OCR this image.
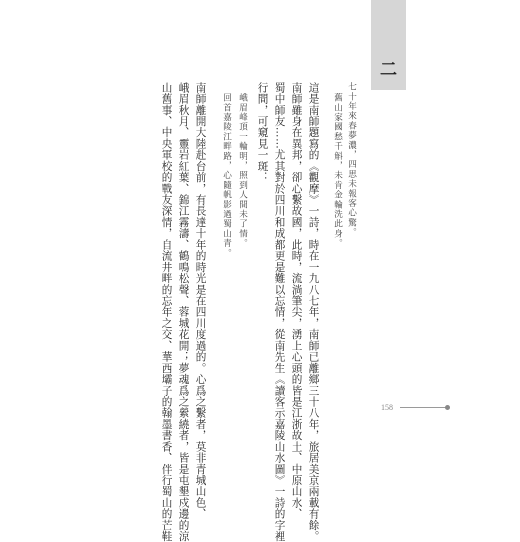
二
七十年來春夢濃，四思未報客心驚。
舊山家國愁千斛，未肯金輪洗此身。
這是南師題寫的《觀摩》一詩，時在一九八七年，南師已離鄉三十八年，旅居美京兩載有餘。
南師雖身在異邦，卻心繫故國，此時，流淌筆尖，湧上心頭的皆是江浙故土、中原山水、
蜀中師友……尤其對於四川和成都更是難以忘情，從南先生《讀客示嘉陵山水圖》一詩的字裡
行間，可窺見一斑：
峨眉峰頂一輪明，照到人間未了情。
回首嘉陵江畔路，心隨帆影過蜀山青。
南師離開大陸赴台前，有長達十年的時光是在四川度過的。心爲之繫者，莫非青城山色、
峨眉秋月、靈岩紅葉、錦江霧濤、鶴鳴松聲、蓉城花開；夢魂爲之縈繞者，皆是屯墾戍邊的涼
山舊事、中央軍校的戰友深情，自流井畔的忘年之交、華西壩子的翰墨書香、伴行蜀山的芒鞋	158
